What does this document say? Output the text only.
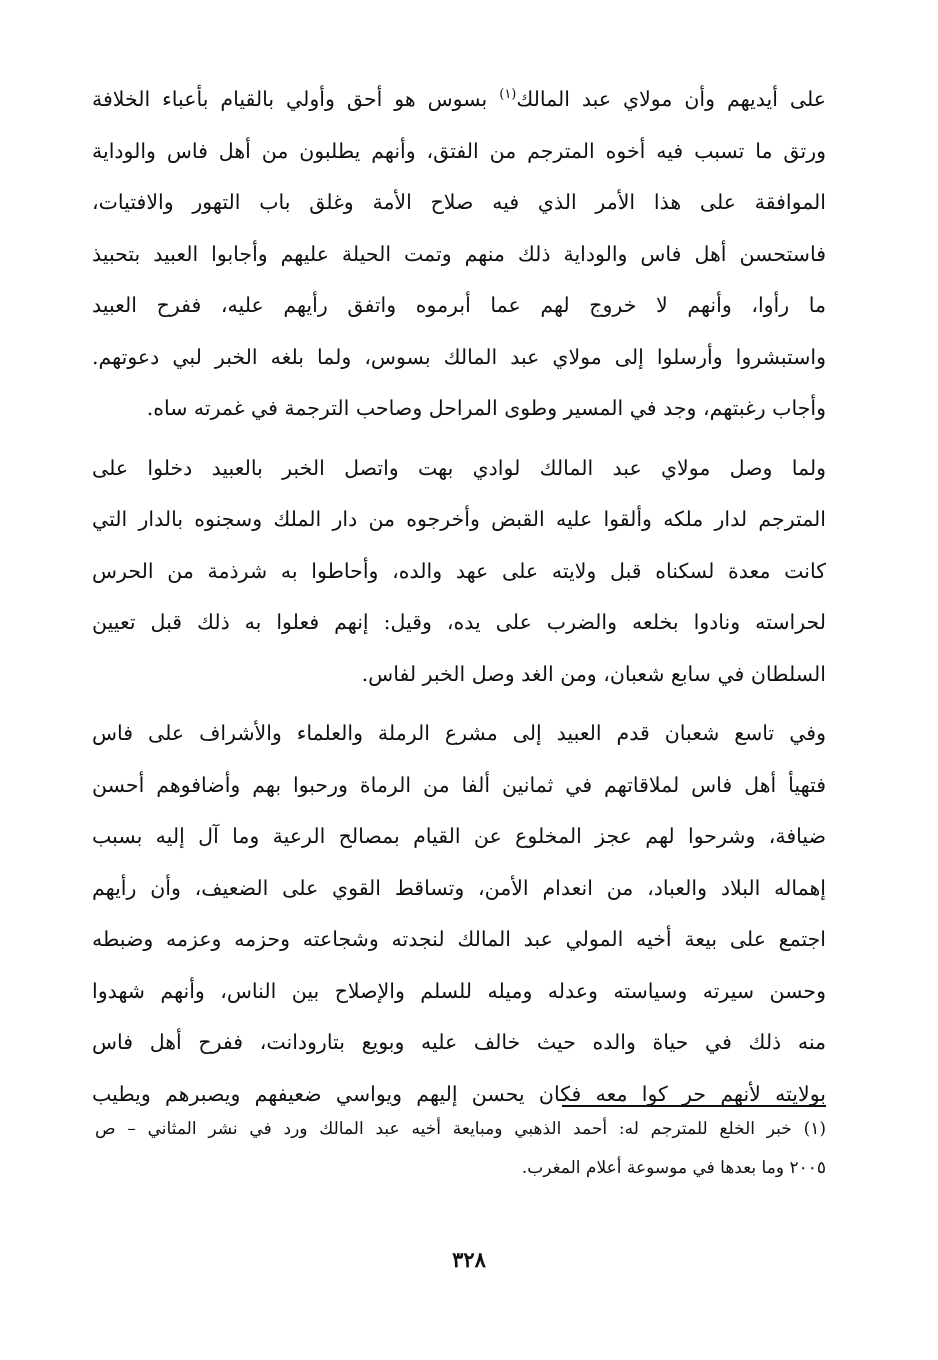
على أيديهم وأن مولاي عبد المالك$^{(١)}$ بسوس هو أحق وأولي بالقيام بأعباء الخلافة
ورتق ما تسبب فيه أخوه المترجم من الفتق، وأنهم يطلبون من أهل فاس والوداية
الموافقة على هذا الأمر الذي فيه صلاح الأمة وغلق باب التهور والافتيات،
فاستحسن أهل فاس والوداية ذلك منهم وتمت الحيلة عليهم وأجابوا العبيد بتحبيذ
ما رأوا، وأنهم لا خروج لهم عما أبرموه واتفق رأيهم عليه، ففرح العبيد
واستبشروا وأرسلوا إلى مولاي عبد المالك بسوس، ولما بلغه الخبر لبي دعوتهم.
وأجاب رغبتهم، وجد في المسير وطوى المراحل وصاحب الترجمة في غمرته ساه.

ولما وصل مولاي عبد المالك لوادي بهت واتصل الخبر بالعبيد دخلوا على
المترجم لدار ملكه وألقوا عليه القبض وأخرجوه من دار الملك وسجنوه بالدار التي
كانت معدة لسكناه قبل ولايته على عهد والده، وأحاطوا به شرذمة من الحرس
لحراسته ونادوا بخلعه والضرب على يده، وقيل: إنهم فعلوا به ذلك قبل تعيين
السلطان في سابع شعبان، ومن الغد وصل الخبر لفاس.

وفي تاسع شعبان قدم العبيد إلى مشرع الرملة والعلماء والأشراف على فاس
فتهيأ أهل فاس لملاقاتهم في ثمانين ألفا من الرماة ورحبوا بهم وأضافوهم أحسن
ضيافة، وشرحوا لهم عجز المخلوع عن القيام بمصالح الرعية وما آل إليه بسبب
إهماله البلاد والعباد، من انعدام الأمن، وتساقط القوي على الضعيف، وأن رأيهم
اجتمع على بيعة أخيه المولي عبد المالك لنجدته وشجاعته وحزمه وعزمه وضبطه
وحسن سيرته وسياسته وعدله وميله للسلم والإصلاح بين الناس، وأنهم شهدوا
منه ذلك في حياة والده حيث خالف عليه وبويع بتارودانت، ففرح أهل فاس
بولايته لأنهم حر كوا معه فكان يحسن إليهم ويواسي ضعيفهم ويصبرهم ويطيب

(١) خبر الخلع للمترجم له: أحمد الذهبي ومبايعة أخيه عبد المالك ورد في نشر المثاني – ص
٢٠٠٥ وما بعدها في موسوعة أعلام المغرب.
٣٢٨
